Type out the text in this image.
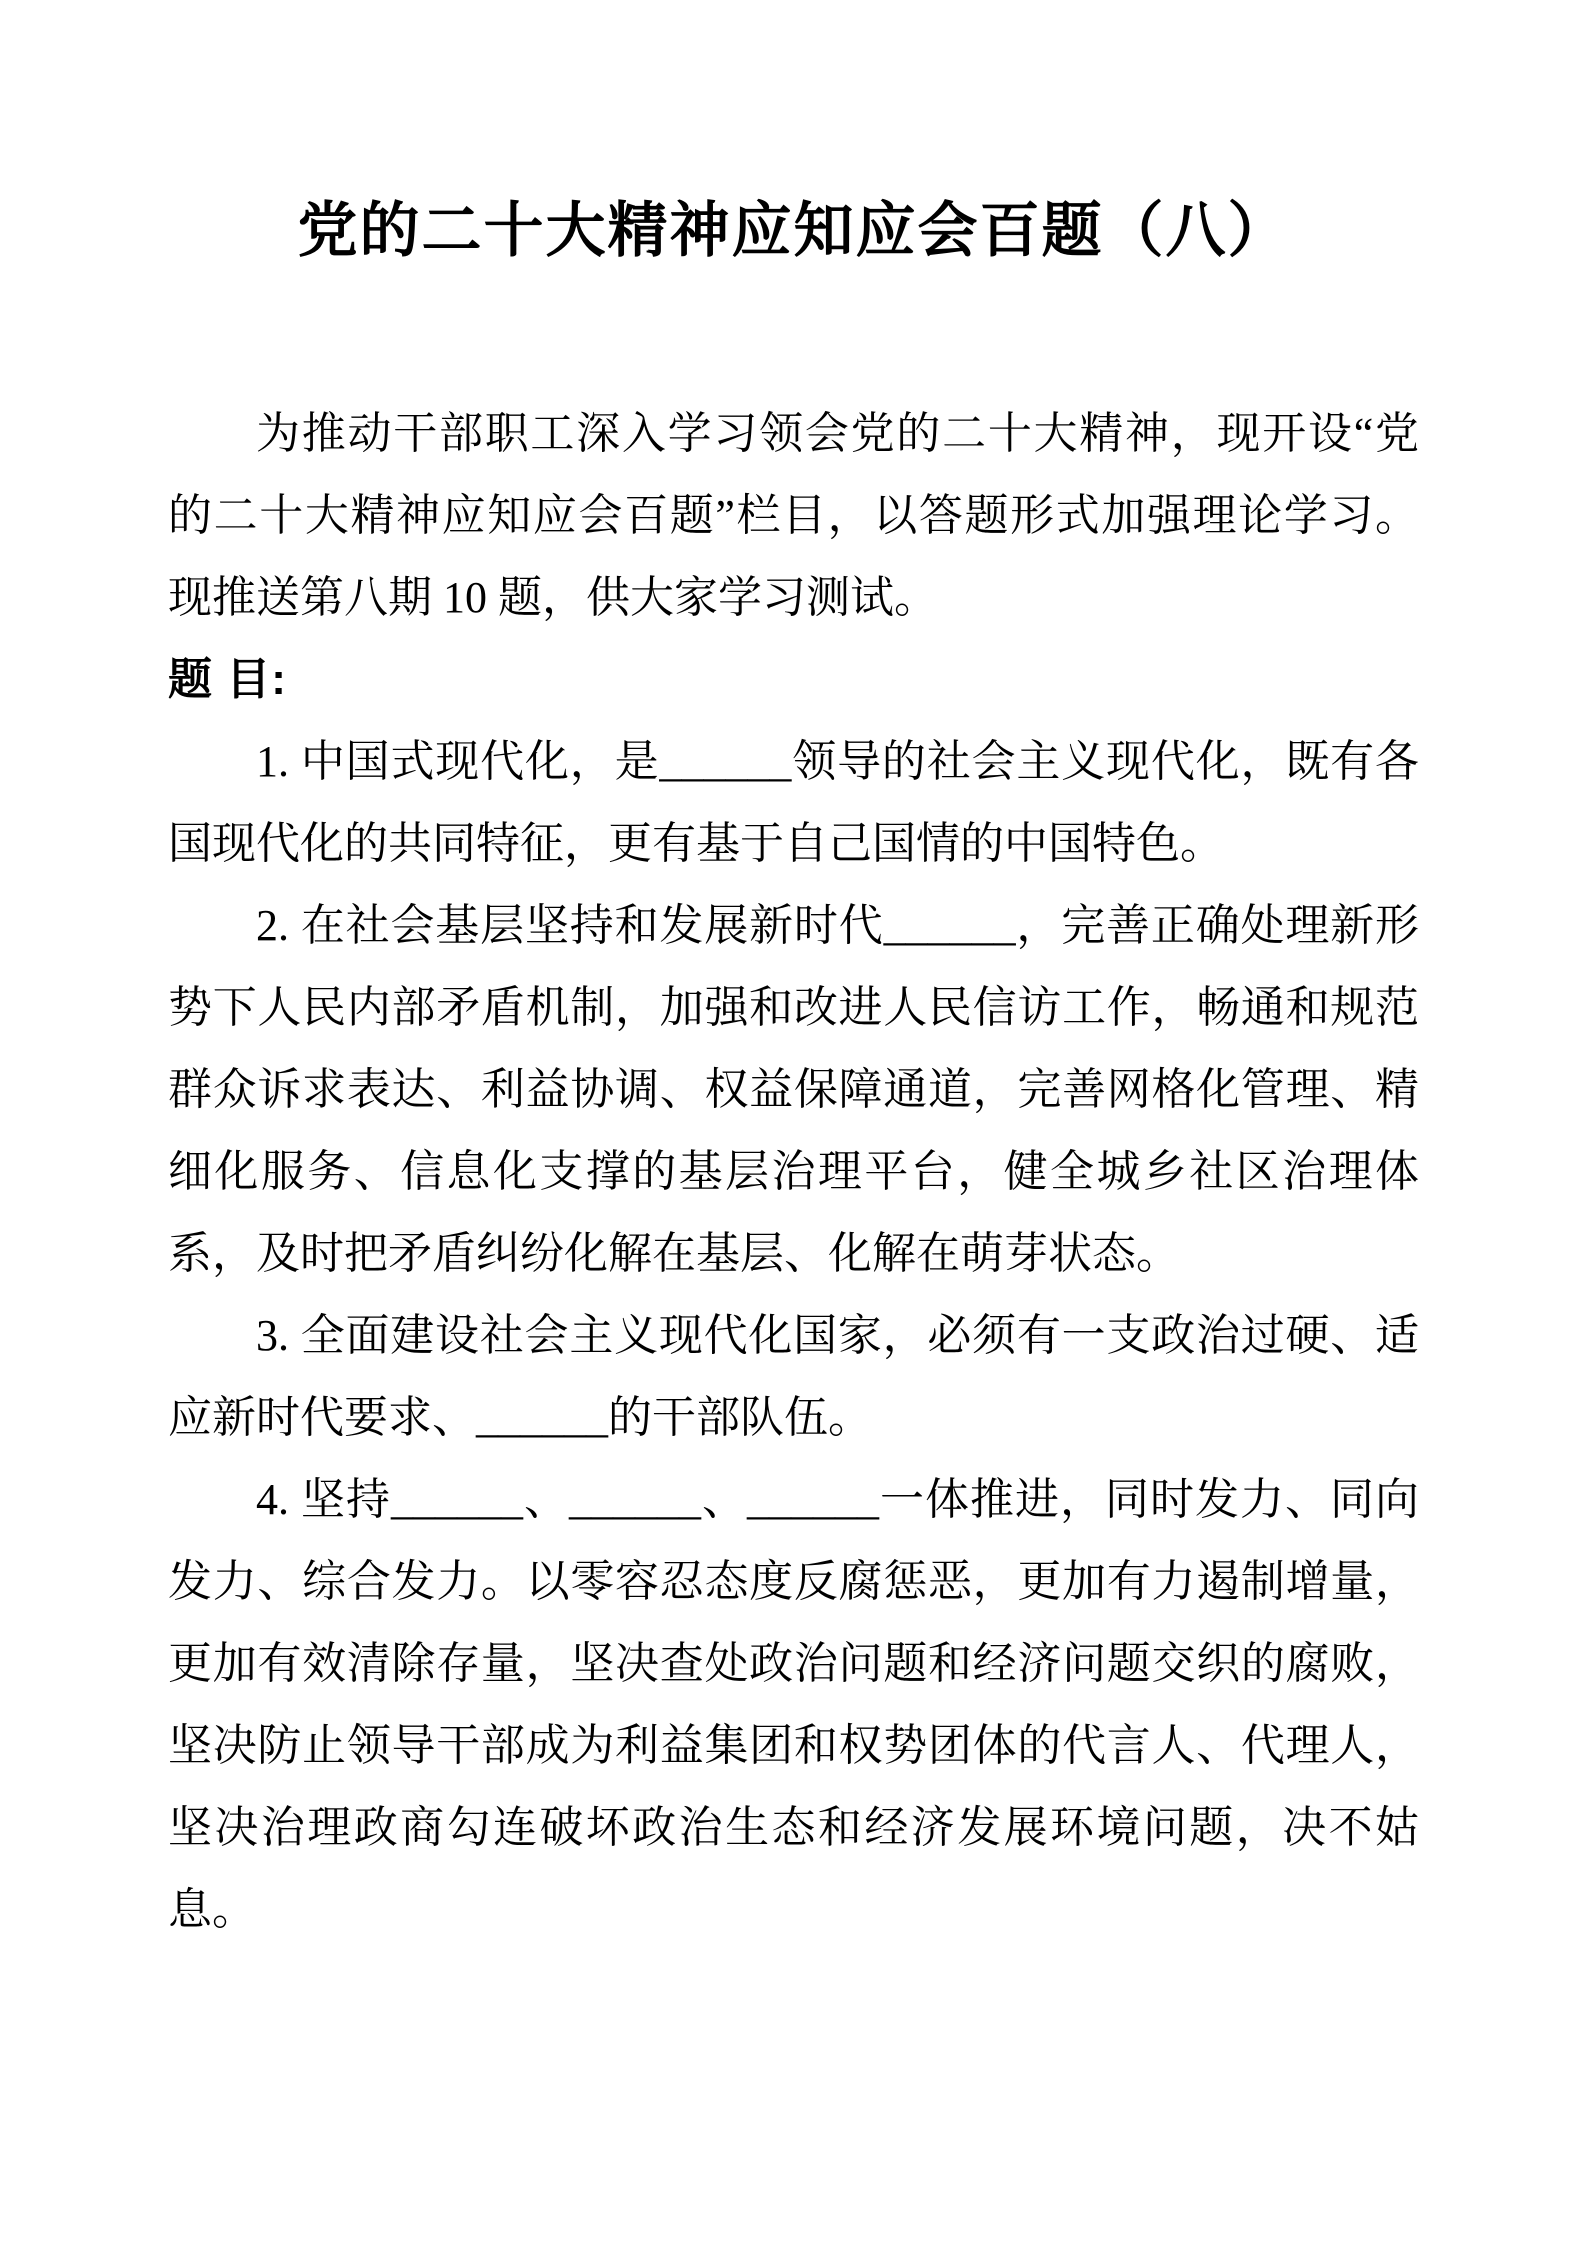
党的二十大精神应知应会百题（八）

为推动干部职工深入学习领会党的二十大精神，现开设“党的二十大精神应知应会百题”栏目，以答题形式加强理论学习。现推送第八期 10 题，供大家学习测试。

题 目:

1. 中国式现代化，是______领导的社会主义现代化，既有各国现代化的共同特征，更有基于自己国情的中国特色。

2. 在社会基层坚持和发展新时代______，完善正确处理新形势下人民内部矛盾机制，加强和改进人民信访工作，畅通和规范群众诉求表达、利益协调、权益保障通道，完善网格化管理、精细化服务、信息化支撑的基层治理平台，健全城乡社区治理体系，及时把矛盾纠纷化解在基层、化解在萌芽状态。

3. 全面建设社会主义现代化国家，必须有一支政治过硬、适应新时代要求、______的干部队伍。

4. 坚持______、______、______一体推进，同时发力、同向发力、综合发力。以零容忍态度反腐惩恶，更加有力遏制增量，更加有效清除存量，坚决查处政治问题和经济问题交织的腐败，坚决防止领导干部成为利益集团和权势团体的代言人、代理人，坚决治理政商勾连破坏政治生态和经济发展环境问题，决不姑息。
